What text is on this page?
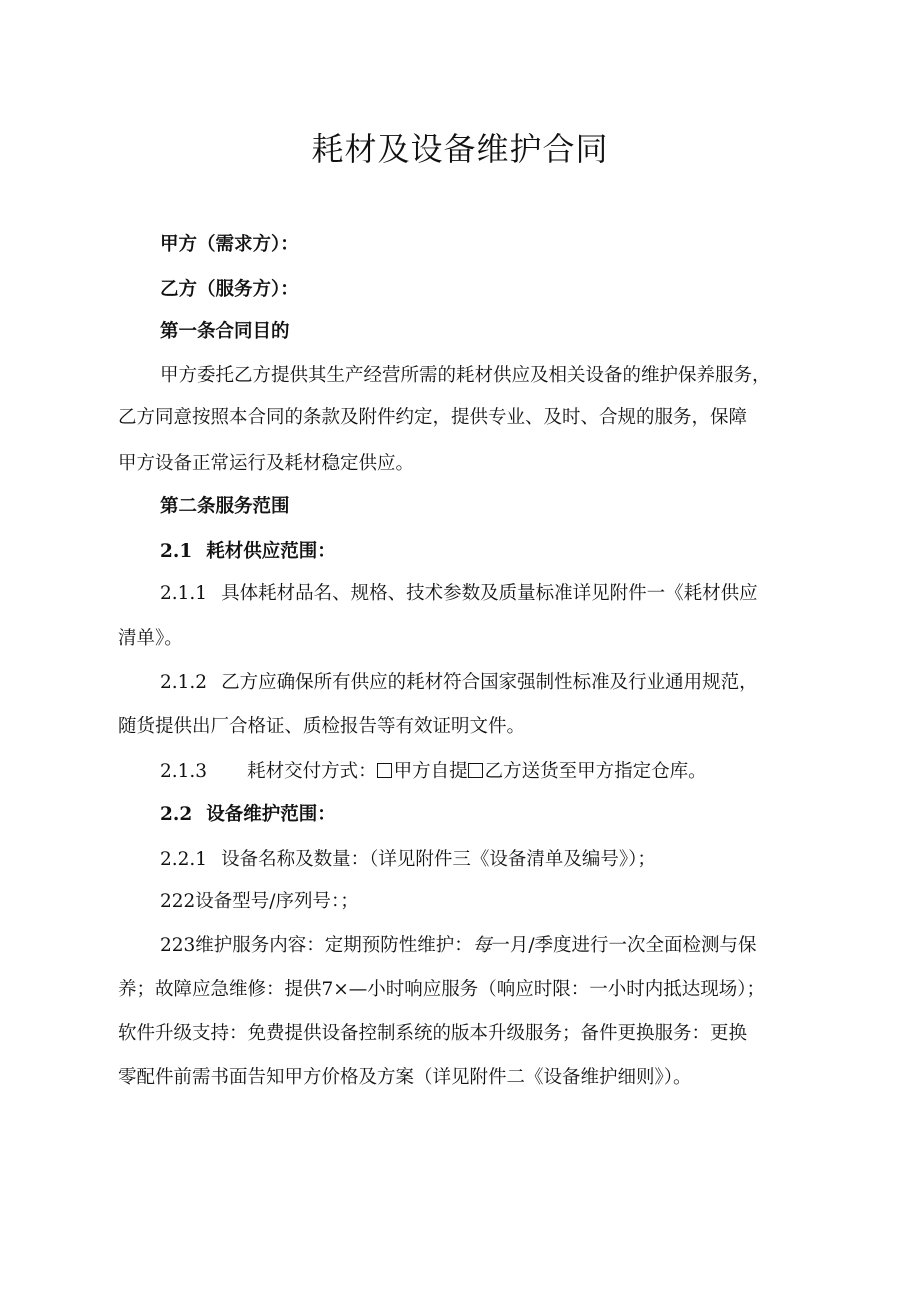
耗材及设备维护合同

甲方（需求方）：

乙方（服务方）：

第一条合同目的

甲方委托乙方提供其生产经营所需的耗材供应及相关设备的维护保养服务，

乙方同意按照本合同的条款及附件约定，提供专业、及时、合规的服务，保障

甲方设备正常运行及耗材稳定供应。

第二条服务范围

2.1 耗材供应范围：

2.1.1 具体耗材品名、规格、技术参数及质量标准详见附件一《耗材供应

清单》。

2.1.2 乙方应确保所有供应的耗材符合国家强制性标准及行业通用规范，

随货提供出厂合格证、质检报告等有效证明文件。

2.1.3 耗材交付方式： 甲方自提 乙方送货至甲方指定仓库。

2.2 设备维护范围：

2.2.1 设备名称及数量：（详见附件三《设备清单及编号》）；

222设备型号/序列号：；

223维护服务内容：定期预防性维护：每一月/季度进行一次全面检测与保

养；故障应急维修：提供7×—小时响应服务（响应时限：一小时内抵达现场）；

软件升级支持：免费提供设备控制系统的版本升级服务；备件更换服务：更换

零配件前需书面告知甲方价格及方案（详见附件二《设备维护细则》）。
